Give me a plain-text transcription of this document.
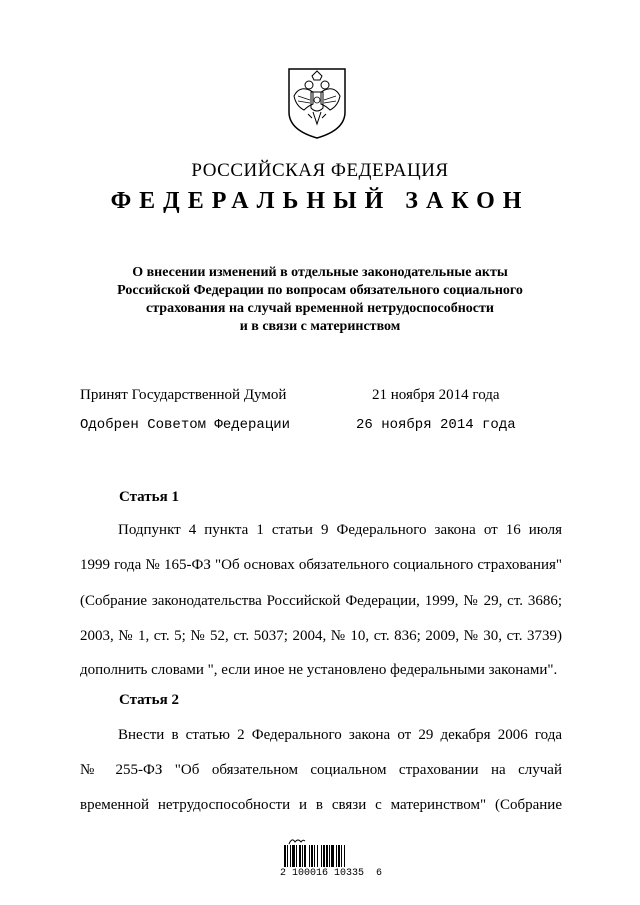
РОССИЙСКАЯ ФЕДЕРАЦИЯ
ФЕДЕРАЛЬНЫЙ ЗАКОН
О внесении изменений в отдельные законодательные акты
Российской Федерации по вопросам обязательного социального
страхования на случай временной нетрудоспособности
и в связи с материнством
Принят Государственной Думой	21 ноября 2014 года
Одобрен Советом Федерации	26 ноября 2014 года
Статья 1
Подпункт 4 пункта 1 статьи 9 Федерального закона от 16 июля
1999 года № 165-ФЗ "Об основах обязательного социального страхования"
(Собрание законодательства Российской Федерации, 1999, № 29, ст. 3686;
2003, № 1, ст. 5; № 52, ст. 5037; 2004, № 10, ст. 836; 2009, № 30, ст. 3739)
дополнить словами ", если иное не установлено федеральными законами".
Статья 2
Внести в статью 2 Федерального закона от 29 декабря 2006 года
№ 255-ФЗ "Об обязательном социальном страховании на случай
временной нетрудоспособности и в связи с материнством" (Собрание
2 100016 10335  6
